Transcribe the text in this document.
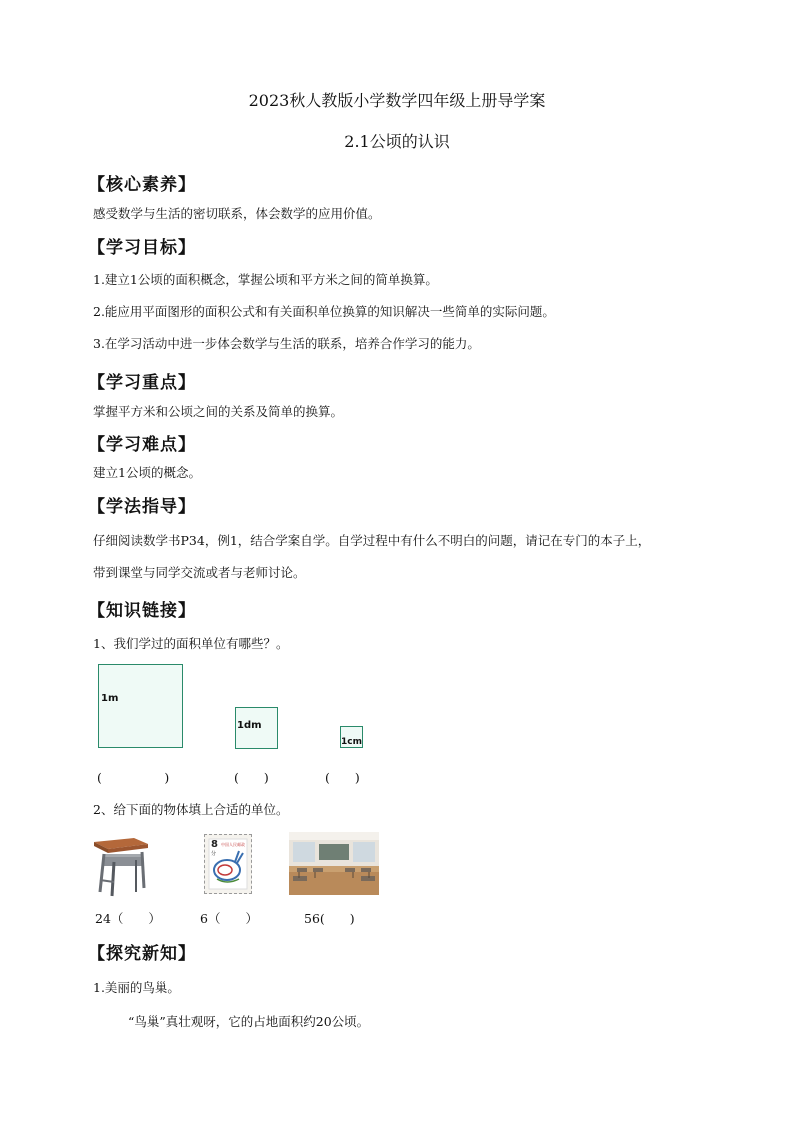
2023秋人教版小学数学四年级上册导学案
2.1公顷的认识
【核心素养】
感受数学与生活的密切联系，体会数学的应用价值。
【学习目标】
1.建立1公顷的面积概念，掌握公顷和平方米之间的简单换算。
2.能应用平面图形的面积公式和有关面积单位换算的知识解决一些简单的实际问题。
3.在学习活动中进一步体会数学与生活的联系，培养合作学习的能力。
【学习重点】
掌握平方米和公顷之间的关系及简单的换算。
【学习难点】
建立1公顷的概念。
【学法指导】
仔细阅读数学书P34，例1，结合学案自学。自学过程中有什么不明白的问题，请记在专门的本子上，
带到课堂与同学交流或者与老师讨论。
【知识链接】
1、我们学过的面积单位有哪些？。
1m
1dm
1cm
(　　　　　)	(　　)	(　　)
2、给下面的物体填上合适的单位。
8
分
中国人民邮政
24（　　）	6（　　）	56(　　)
【探究新知】
1.美丽的鸟巢。
“鸟巢”真壮观呀，它的占地面积约20公顷。
